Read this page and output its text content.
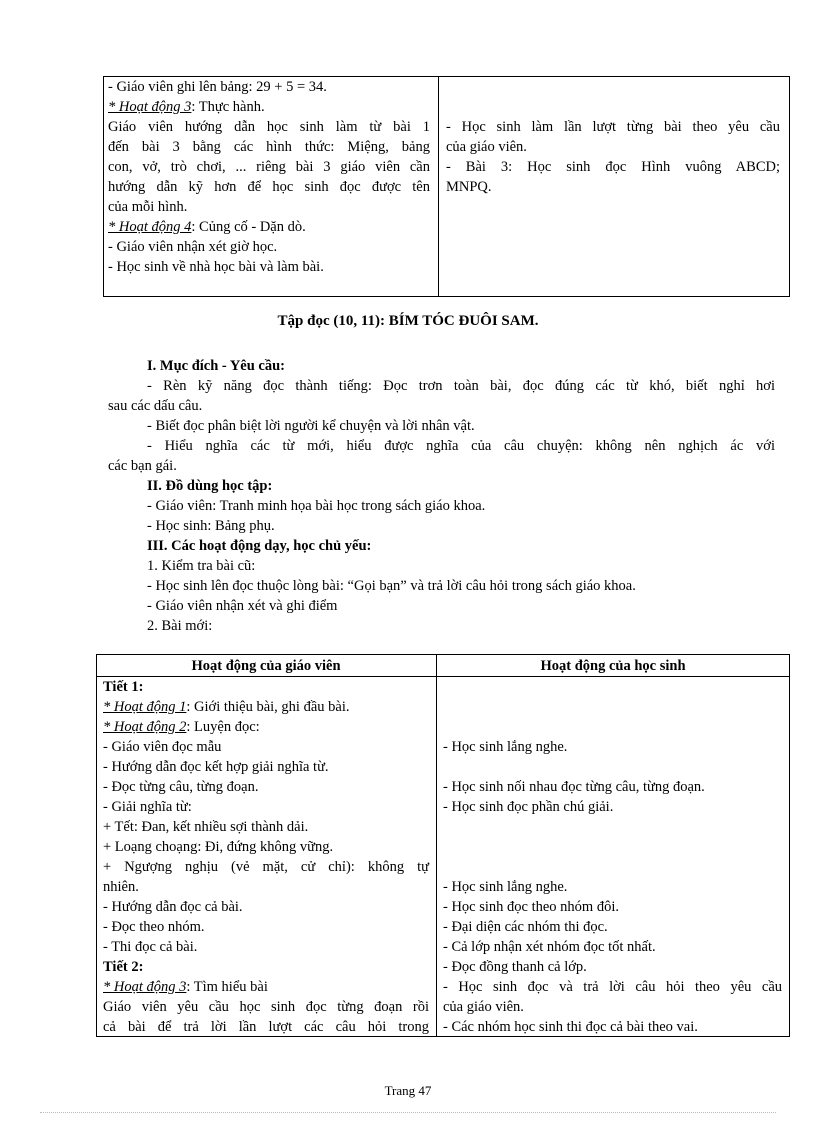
- Giáo viên ghi lên bảng: 29 + 5 = 34.
* Hoạt động 3: Thực hành.
Giáo viên hướng dẫn học sinh làm từ bài 1
đến bài 3 bằng các hình thức: Miệng, bảng
con, vở, trò chơi, ... riêng bài 3 giáo viên cần
hướng dẫn kỹ hơn để học sinh đọc được tên
của mỗi hình.
* Hoạt động 4: Củng cố - Dặn dò.
- Giáo viên nhận xét giờ học.
- Học sinh về nhà học bài và làm bài.
- Học sinh làm lần lượt từng bài theo yêu cầu
của giáo viên.
- Bài 3: Học sinh đọc Hình vuông ABCD;
MNPQ.
Tập đọc (10, 11): BÍM TÓC ĐUÔI SAM.
I. Mục đích - Yêu cầu:
- Rèn kỹ năng đọc thành tiếng: Đọc trơn toàn bài, đọc đúng các từ khó, biết nghỉ hơi
sau các dấu câu.
- Biết đọc phân biệt lời người kể chuyện và lời nhân vật.
- Hiểu nghĩa các từ mới, hiểu được nghĩa của câu chuyện: không nên nghịch ác với
các bạn gái.
II. Đồ dùng học tập:
- Giáo viên: Tranh minh họa bài học trong sách giáo khoa.
- Học sinh: Bảng phụ.
III. Các hoạt động dạy, học chủ yếu:
1. Kiểm tra bài cũ:
- Học sinh lên đọc thuộc lòng bài: “Gọi bạn” và trả lời câu hỏi trong sách giáo khoa.
- Giáo viên nhận xét và ghi điểm
2. Bài mới:
Hoạt động của giáo viên	Hoạt động của học sinh
Tiết 1:
* Hoạt động 1: Giới thiệu bài, ghi đầu bài.
* Hoạt động 2: Luyện đọc:
- Giáo viên đọc mẫu
- Hướng dẫn đọc kết hợp giải nghĩa từ.
- Đọc từng câu, từng đoạn.
- Giải nghĩa từ:
+ Tết: Đan, kết nhiều sợi thành dải.
+ Loạng choạng: Đi, đứng không vững.
+ Ngượng nghịu (vẻ mặt, cử chỉ): không tự
nhiên.
- Hướng dẫn đọc cả bài.
- Đọc theo nhóm.
- Thi đọc cả bài.
Tiết 2:
* Hoạt động 3: Tìm hiểu bài
Giáo viên yêu cầu học sinh đọc từng đoạn rồi
cả bài để trả lời lần lượt các câu hỏi trong
- Học sinh lắng nghe.
- Học sinh nối nhau đọc từng câu, từng đoạn.
- Học sinh đọc phần chú giải.
- Học sinh lắng nghe.
- Học sinh đọc theo nhóm đôi.
- Đại diện các nhóm thi đọc.
- Cả lớp nhận xét nhóm đọc tốt nhất.
- Đọc đồng thanh cả lớp.
- Học sinh đọc và trả lời câu hỏi theo yêu cầu
của giáo viên.
- Các nhóm học sinh thi đọc cả bài theo vai.
Trang 47
